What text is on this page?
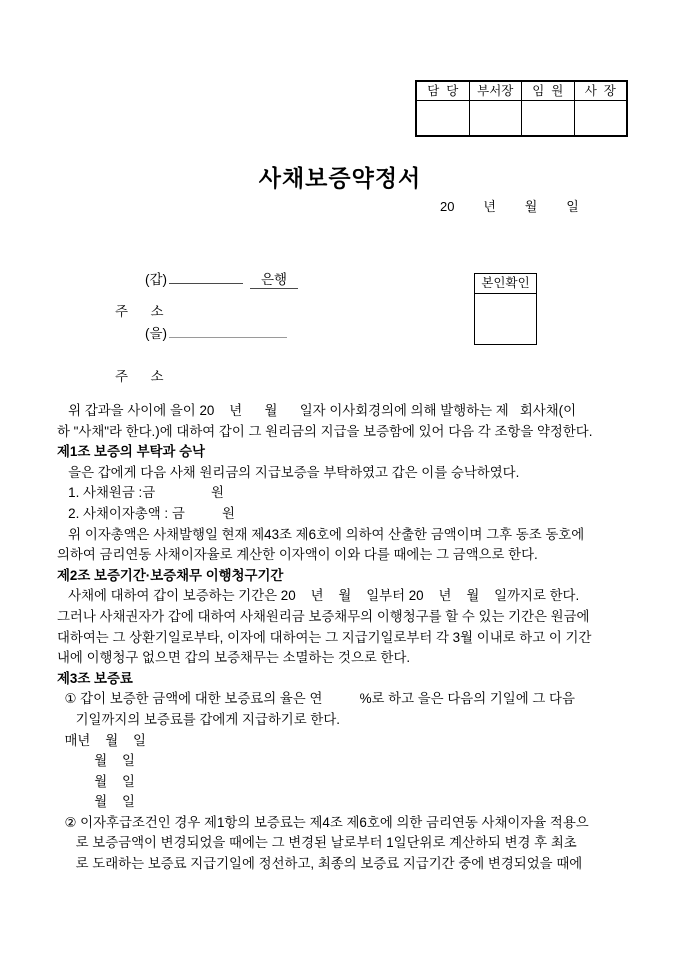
담  당	부서장	임  원	사  장
사채보증약정서
20        년        월        일
(갑)	은행
주      소
(을)
주      소
본인확인
위 갑과을 사이에 을이 20    년      월      일자 이사회경의에 의해 발행하는 제   회사채(이
하 "사채"라 한다.)에 대하여 갑이 그 원리금의 지급을 보증함에 있어 다음 각 조항을 약정한다.
제1조 보증의 부탁과 승낙
을은 갑에게 다음 사채 원리금의 지급보증을 부탁하였고 갑은 이를 승낙하였다.
1. 사채원금 :금               원
2. 사채이자총액 : 금          원
위 이자총액은 사채발행일 현재 제43조 제6호에 의하여 산출한 금액이며 그후 동조 동호에
의하여 금리연동 사채이자율로 계산한 이자액이 이와 다를 때에는 그 금액으로 한다.
제2조 보증기간·보증채무 이행청구기간
사채에 대하여 갑이 보증하는 기간은 20    년    월    일부터 20    년    월    일까지로 한다.
그러나 사채권자가 갑에 대하여 사채원리금 보증채무의 이행청구를 할 수 있는 기간은 원금에
대하여는 그 상환기일로부타, 이자에 대하여는 그 지급기일로부터 각 3월 이내로 하고 이 기간
내에 이행청구 없으면 갑의 보증채무는 소멸하는 것으로 한다.
제3조 보증료
① 갑이 보증한 금액에 대한 보증료의 율은 연          %로 하고 을은 다음의 기일에 그 다음
기일까지의 보증료를 갑에게 지급하기로 한다.
매년    월    일
월    일
월    일
월    일
② 이자후급조건인 경우 제1항의 보증료는 제4조 제6호에 의한 금리연동 사채이자율 적용으
로 보증금액이 변경되었을 때에는 그 변경된 날로부터 1일단위로 계산하되 변경 후 최초
로 도래하는 보증료 지급기일에 정선하고, 최종의 보증료 지급기간 중에 변경되었을 때에
